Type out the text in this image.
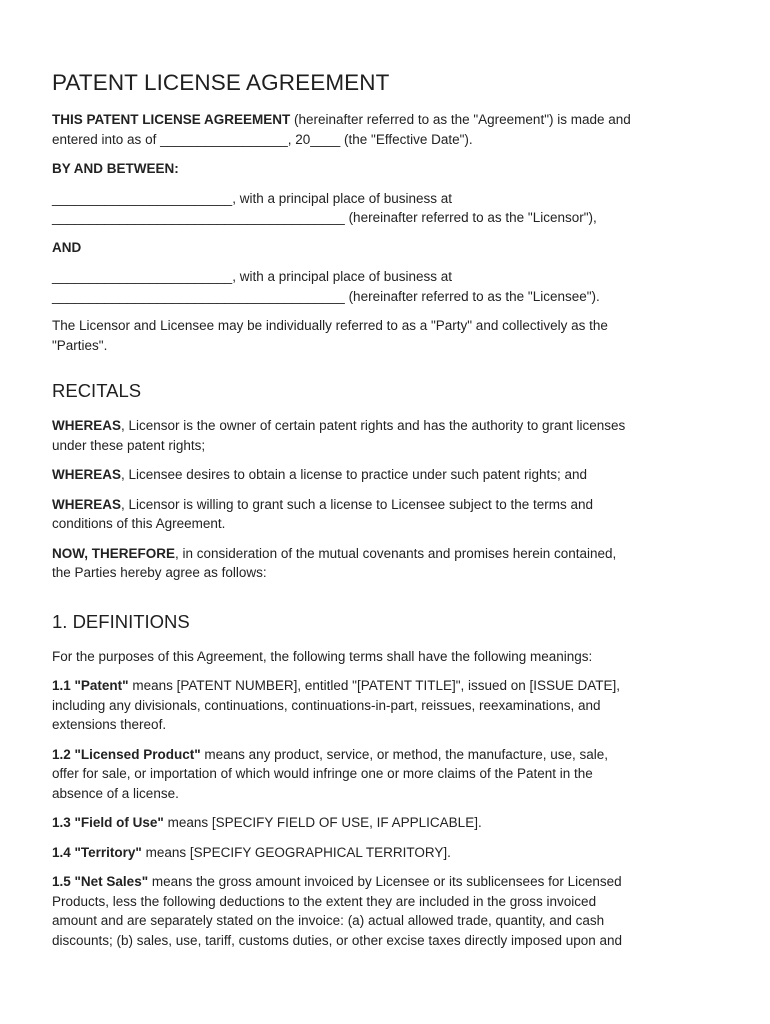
PATENT LICENSE AGREEMENT

THIS PATENT LICENSE AGREEMENT (hereinafter referred to as the "Agreement") is made and
entered into as of _________________, 20____ (the "Effective Date").

BY AND BETWEEN:

________________________, with a principal place of business at
_______________________________________ (hereinafter referred to as the "Licensor"),

AND

________________________, with a principal place of business at
_______________________________________ (hereinafter referred to as the "Licensee").

The Licensor and Licensee may be individually referred to as a "Party" and collectively as the
"Parties".

RECITALS

WHEREAS, Licensor is the owner of certain patent rights and has the authority to grant licenses
under these patent rights;

WHEREAS, Licensee desires to obtain a license to practice under such patent rights; and

WHEREAS, Licensor is willing to grant such a license to Licensee subject to the terms and
conditions of this Agreement.

NOW, THEREFORE, in consideration of the mutual covenants and promises herein contained,
the Parties hereby agree as follows:

1. DEFINITIONS

For the purposes of this Agreement, the following terms shall have the following meanings:

1.1 "Patent" means [PATENT NUMBER], entitled "[PATENT TITLE]", issued on [ISSUE DATE],
including any divisionals, continuations, continuations-in-part, reissues, reexaminations, and
extensions thereof.

1.2 "Licensed Product" means any product, service, or method, the manufacture, use, sale,
offer for sale, or importation of which would infringe one or more claims of the Patent in the
absence of a license.

1.3 "Field of Use" means [SPECIFY FIELD OF USE, IF APPLICABLE].

1.4 "Territory" means [SPECIFY GEOGRAPHICAL TERRITORY].

1.5 "Net Sales" means the gross amount invoiced by Licensee or its sublicensees for Licensed
Products, less the following deductions to the extent they are included in the gross invoiced
amount and are separately stated on the invoice: (a) actual allowed trade, quantity, and cash
discounts; (b) sales, use, tariff, customs duties, or other excise taxes directly imposed upon and
